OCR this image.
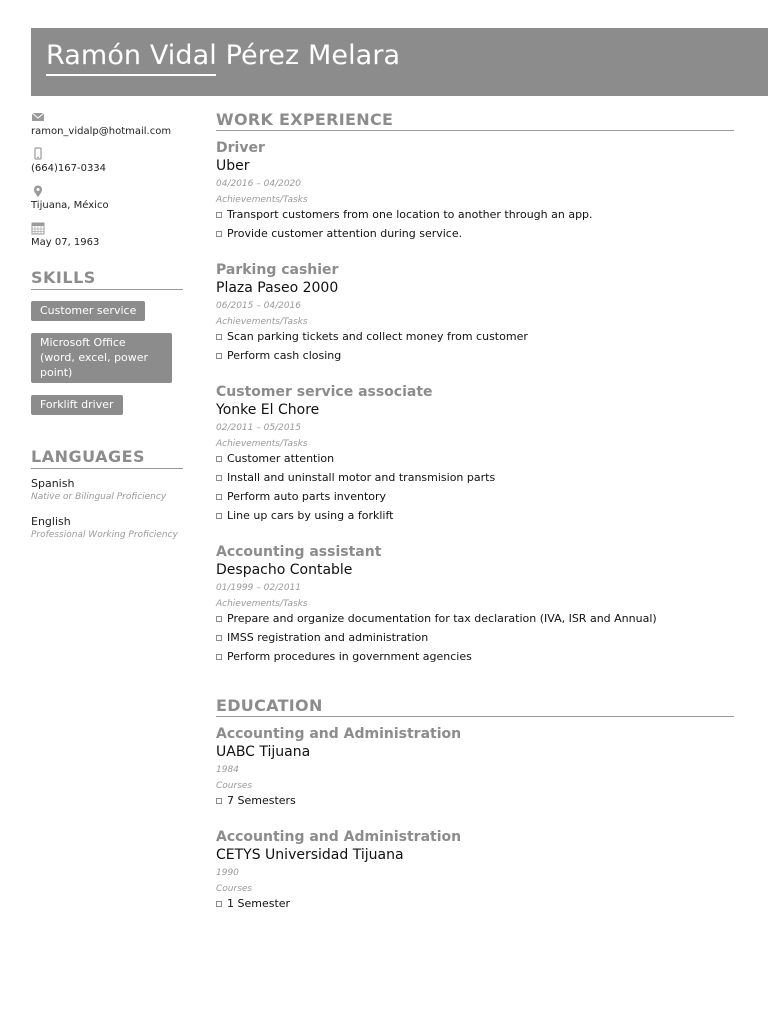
Ramón Vidal Pérez Melara
ramon_vidalp@hotmail.com
(664)167-0334
Tijuana, México
May 07, 1963
SKILLS
Customer service Microsoft Office (word, excel, power point) Forklift driver
LANGUAGES
Spanish
Native or Bilingual Proficiency
English
Professional Working Proficiency
WORK EXPERIENCE
Driver
Uber
04/2016 – 04/2020
Achievements/Tasks
Transport customers from one location to another through an app.
Provide customer attention during service.
Parking cashier
Plaza Paseo 2000
06/2015 – 04/2016
Achievements/Tasks
Scan parking tickets and collect money from customer
Perform cash closing
Customer service associate
Yonke El Chore
02/2011 – 05/2015
Achievements/Tasks
Customer attention
Install and uninstall motor and transmision parts
Perform auto parts inventory
Line up cars by using a forklift
Accounting assistant
Despacho Contable
01/1999 – 02/2011
Achievements/Tasks
Prepare and organize documentation for tax declaration (IVA, ISR and Annual)
IMSS registration and administration
Perform procedures in government agencies
EDUCATION
Accounting and Administration
UABC Tijuana
1984
Courses
7 Semesters
Accounting and Administration
CETYS Universidad Tijuana
1990
Courses
1 Semester
